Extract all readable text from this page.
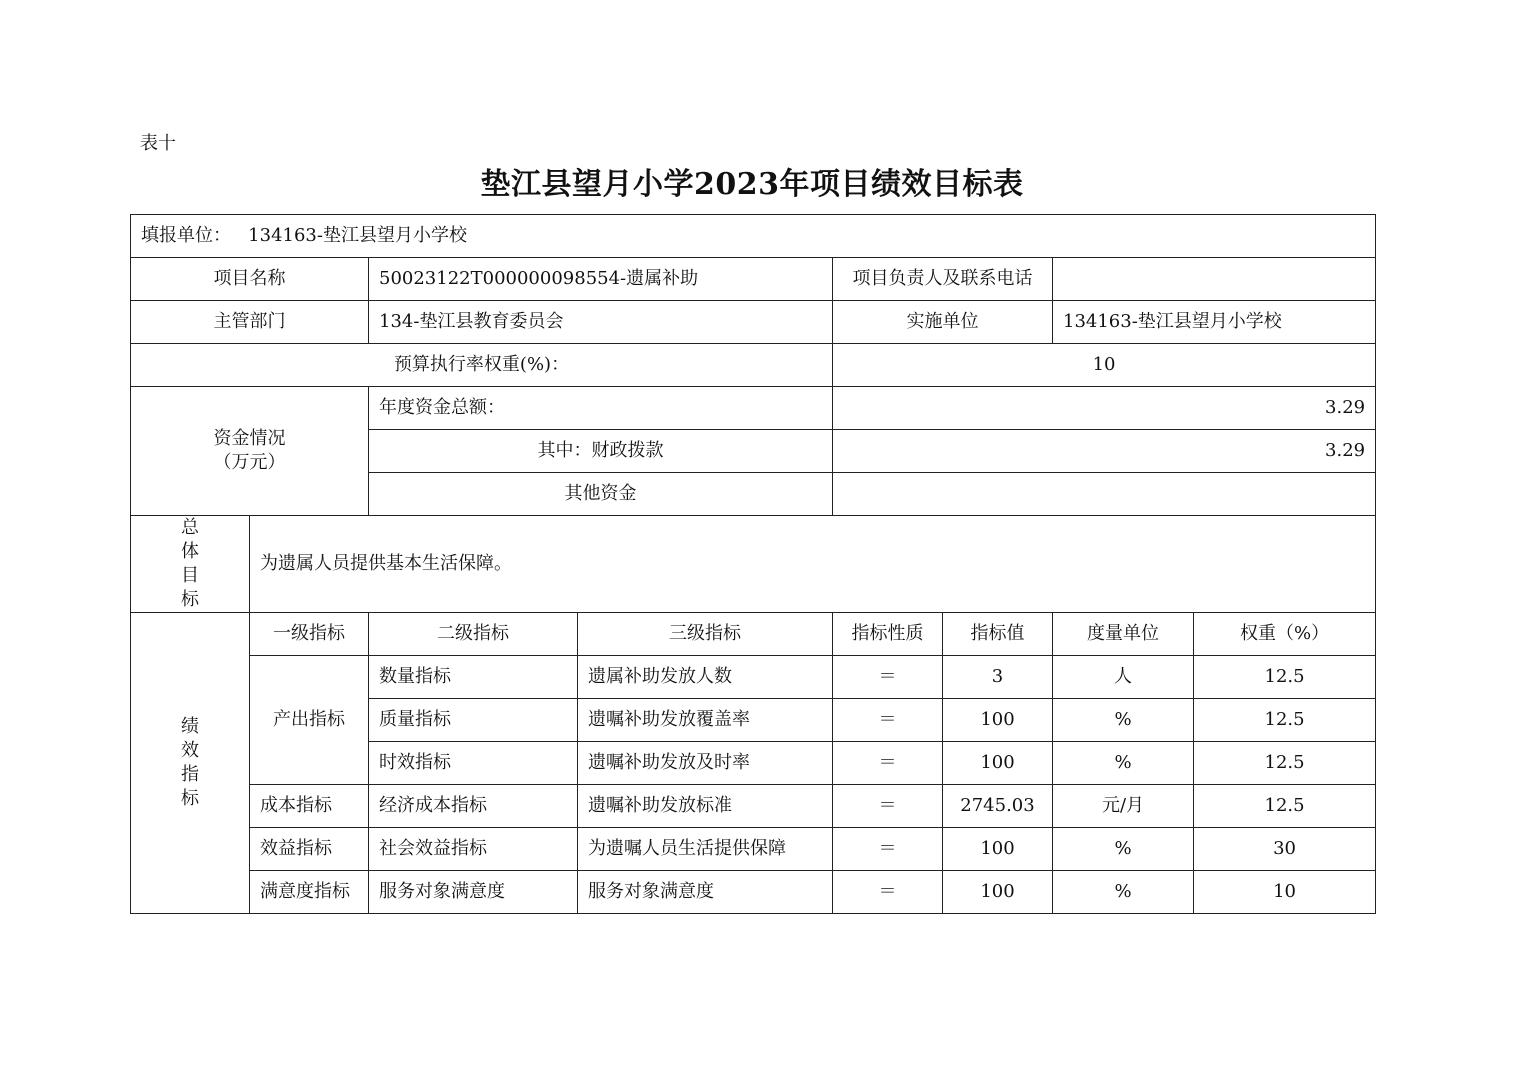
表十
垫江县望月小学2023年项目绩效目标表
填报单位： 134163-垫江县望月小学校							
项目名称		50023122T000000098554-遗属补助		项目负责人及联系电话			
主管部门		134-垫江县教育委员会		实施单位		134163-垫江县望月小学校	
预算执行率权重(%)：				10			

资金情况
（万元）		年度资金总额：		3.29			
		其中：财政拨款		3.29			
		其他资金					

总
体
目
标	为遗属人员提供基本生活保障。						

绩
效
指
标	一级指标	二级指标	三级指标	指标性质	指标值	度量单位	权重（%）
	产出指标	数量指标	遗属补助发放人数	＝	3	人	12.5
		质量指标	遗嘱补助发放覆盖率	＝	100	%	12.5
		时效指标	遗嘱补助发放及时率	＝	100	%	12.5
	成本指标	经济成本指标	遗嘱补助发放标准	＝	2745.03	元/月	12.5
	效益指标	社会效益指标	为遗嘱人员生活提供保障	＝	100	%	30
	满意度指标	服务对象满意度	服务对象满意度	＝	100	%	10
